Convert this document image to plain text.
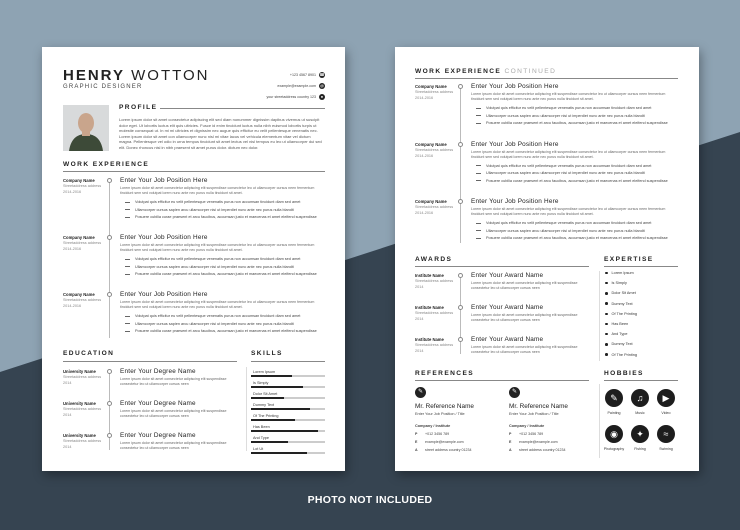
HENRY WOTTON
GRAPHIC DESIGNER
+123 4567 8901 ☎
example@example.com @
your streetaddress country 123	●
PROFILE
Lorem ipsum dolor sit amet consectetur adipiscing elit sed diam nonummer dignissim dapibus vivemus ut suscipit dolor eget. Ut lobortis luctus elit quis ultricies. Fusce id enim tincidunt luctus nulla nibh euismod lobortis turpis ut molestie consequat ut. In mi mi ultricies et dignissim nec augue quis efficitur eu velit pellentesque venenatis nec. Lorem ipsum dolor sit amet con ullamcorper nunc nisl mi vitae lacus vel vehicula elementum vitae vel dictum magna. Pellentesque vel odio in urna tempus tincidunt sit amet lectus vel nisl tempus eu leo ut ullamcorper dui sed elit. Donec rhoncus nisl in nibh praesent sit amet purus dolor. dictum nec dolor.
WORK EXPERIENCE
Company Name
Streetaddress address
2014-2016
Enter Your Job Position Here
Lorem ipsum dolor sit amet consectetur adipiscing elit suspendisse consectetur leo ut ullamcorper cursus neen fermentum tincidunt sem sed volutpat lorem nunc ante nec purus nulla tincidunt sit amet.
Volutpat quis efficitur eu velit pellentesque venenatis purus non accumsan tincidunt diam sed amet
Ullamcorper cursus sapien arcu ullamcorper nisi ut imperdiet nunc ante nec purus nulla blandit
Posuere cubilia curae praesent et arcu faucibus, accumsan justo et maecenas et amet eleifend suspendisse
Company Name
Streetaddress address
2014-2016
Enter Your Job Position Here
Lorem ipsum dolor sit amet consectetur adipiscing elit suspendisse consectetur leo ut ullamcorper cursus neen fermentum tincidunt sem sed volutpat lorem nunc ante nec purus nulla tincidunt sit amet.
Volutpat quis efficitur eu velit pellentesque venenatis purus non accumsan tincidunt diam sed amet
Ullamcorper cursus sapien arcu ullamcorper nisi ut imperdiet nunc ante nec purus nulla blandit
Posuere cubilia curae praesent et arcu faucibus, accumsan justo et maecenas et amet eleifend suspendisse
Company Name
Streetaddress address
2014-2016
Enter Your Job Position Here
Lorem ipsum dolor sit amet consectetur adipiscing elit suspendisse consectetur leo ut ullamcorper cursus neen fermentum tincidunt sem sed volutpat lorem nunc ante nec purus nulla tincidunt sit amet.
Volutpat quis efficitur eu velit pellentesque venenatis purus non accumsan tincidunt diam sed amet
Ullamcorper cursus sapien arcu ullamcorper nisi ut imperdiet nunc ante nec purus nulla blandit
Posuere cubilia curae praesent et arcu faucibus, accumsan justo et maecenas et amet eleifend suspendisse
EDUCATION
University Name
Streetaddress address
2014
Enter Your Degree Name
Lorem ipsum dolor sit amet consectetur adipiscing elit suspendisse consectetur leo ut ullamcorper cursus neen
University Name
Streetaddress address
2014
Enter Your Degree Name
Lorem ipsum dolor sit amet consectetur adipiscing elit suspendisse consectetur leo ut ullamcorper cursus neen
University Name
Streetaddress address
2014
Enter Your Degree Name
Lorem ipsum dolor sit amet consectetur adipiscing elit suspendisse consectetur leo ut ullamcorper cursus neen
SKILLS
Lorem Ipsum
Is Simply
Dolor Sit Amet
Dummy Text
Of The Printing
Has Been
And Type
Lot Ut
WORK EXPERIENCE CONTINUED
Company Name
Streetaddress address
2014-2016
Enter Your Job Position Here
Lorem ipsum dolor sit amet consectetur adipiscing elit suspendisse consectetur leo ut ullamcorper cursus neen fermentum tincidunt sem sed volutpat lorem nunc ante nec purus nulla tincidunt sit amet.
Volutpat quis efficitur eu velit pellentesque venenatis purus non accumsan tincidunt diam sed amet
Ullamcorper cursus sapien arcu ullamcorper nisi ut imperdiet nunc ante nec purus nulla blandit
Posuere cubilia curae praesent et arcu faucibus, accumsan justo et maecenas et amet eleifend suspendisse
Company Name
Streetaddress address
2014-2016
Enter Your Job Position Here
Lorem ipsum dolor sit amet consectetur adipiscing elit suspendisse consectetur leo ut ullamcorper cursus neen fermentum tincidunt sem sed volutpat lorem nunc ante nec purus nulla tincidunt sit amet.
Volutpat quis efficitur eu velit pellentesque venenatis purus non accumsan tincidunt diam sed amet
Ullamcorper cursus sapien arcu ullamcorper nisi ut imperdiet nunc ante nec purus nulla blandit
Posuere cubilia curae praesent et arcu faucibus, accumsan justo et maecenas et amet eleifend suspendisse
Company Name
Streetaddress address
2014-2016
Enter Your Job Position Here
Lorem ipsum dolor sit amet consectetur adipiscing elit suspendisse consectetur leo ut ullamcorper cursus neen fermentum tincidunt sem sed volutpat lorem nunc ante nec purus nulla tincidunt sit amet.
Volutpat quis efficitur eu velit pellentesque venenatis purus non accumsan tincidunt diam sed amet
Ullamcorper cursus sapien arcu ullamcorper nisi ut imperdiet nunc ante nec purus nulla blandit
Posuere cubilia curae praesent et arcu faucibus, accumsan justo et maecenas et amet eleifend suspendisse
AWARDS
Institute Name
Streetaddress address
2014
Enter Your Award Name
Lorem ipsum dolor sit amet consectetur adipiscing elit suspendisse consectetur leo ut ullamcorper cursus neen
Institute Name
Streetaddress address
2014
Enter Your Award Name
Lorem ipsum dolor sit amet consectetur adipiscing elit suspendisse consectetur leo ut ullamcorper cursus neen
Institute Name
Streetaddress address
2014
Enter Your Award Name
Lorem ipsum dolor sit amet consectetur adipiscing elit suspendisse consectetur leo ut ullamcorper cursus neen
EXPERTISE
Lorem Ipsum
Is Simply
Dolor Sit Amet
Dummy Text
Of The Printing
Has Been
And Type
Dummy Text
Of The Printing
REFERENCES
✎
Mr. Reference Name
Enter Your Job Position / Title
Company / Institute
P +012 3456 789
E example@example.com
A street address country 01234
✎
Mr. Reference Name
Enter Your Job Position / Title
Company / Institute
P +012 3456 789
E example@example.com
A street address country 01234
HOBBIES
✎
Painting
♫
Music
▶
Video
◉
Photography
✦
Fishing
≈
Swiming
PHOTO NOT INCLUDED
